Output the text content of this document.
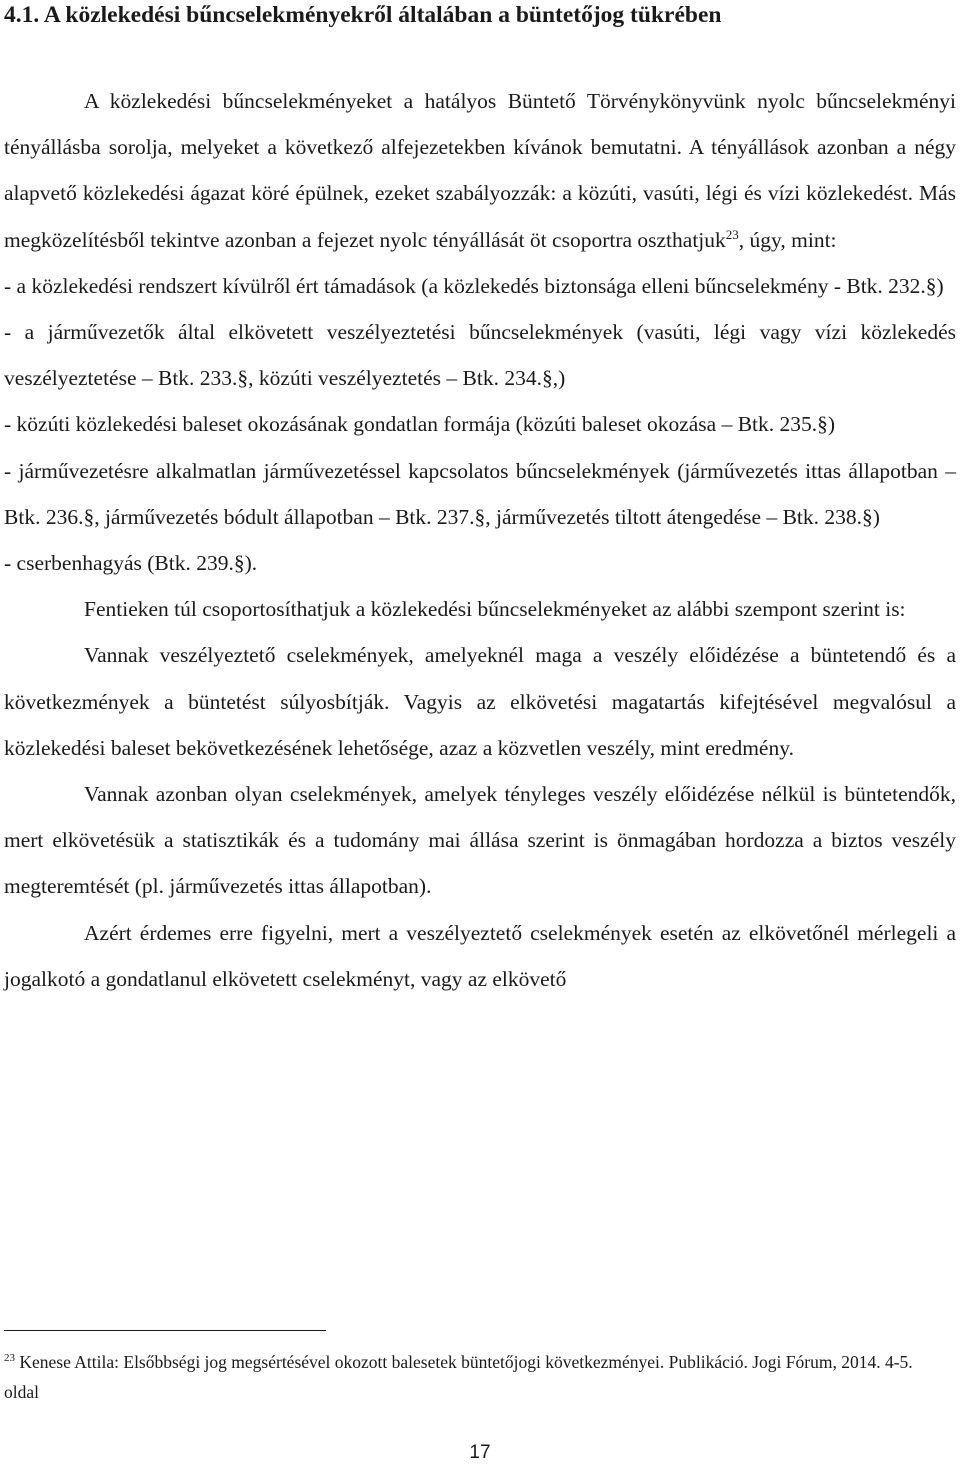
4.1. A közlekedési bűncselekményekről általában a büntetőjog tükrében

A közlekedési bűncselekményeket a hatályos Büntető Törvénykönyvünk nyolc bűncselekményi tényállásba sorolja, melyeket a következő alfejezetekben kívánok bemutatni. A tényállások azonban a négy alapvető közlekedési ágazat köré épülnek, ezeket szabályozzák: a közúti, vasúti, légi és vízi közlekedést. Más megközelítésből tekintve azonban a fejezet nyolc tényállását öt csoportra oszthatjuk$^{23}$, úgy, mint:

- a közlekedési rendszert kívülről ért támadások (a közlekedés biztonsága elleni bűncselekmény - Btk. 232.§)

- a járművezetők által elkövetett veszélyeztetési bűncselekmények (vasúti, légi vagy vízi közlekedés veszélyeztetése – Btk. 233.§, közúti veszélyeztetés – Btk. 234.§,)

- közúti közlekedési baleset okozásának gondatlan formája (közúti baleset okozása – Btk. 235.§)

- járművezetésre alkalmatlan járművezetéssel kapcsolatos bűncselekmények (járművezetés ittas állapotban – Btk. 236.§, járművezetés bódult állapotban – Btk. 237.§, járművezetés tiltott átengedése – Btk. 238.§)

- cserbenhagyás (Btk. 239.§).

Fentieken túl csoportosíthatjuk a közlekedési bűncselekményeket az alábbi szempont szerint is:

Vannak veszélyeztető cselekmények, amelyeknél maga a veszély előidézése a büntetendő és a következmények a büntetést súlyosbítják. Vagyis az elkövetési magatartás kifejtésével megvalósul a közlekedési baleset bekövetkezésének lehetősége, azaz a közvetlen veszély, mint eredmény.

Vannak azonban olyan cselekmények, amelyek tényleges veszély előidézése nélkül is büntetendők, mert elkövetésük a statisztikák és a tudomány mai állása szerint is önmagában hordozza a biztos veszély megteremtését (pl. járművezetés ittas állapotban).

Azért érdemes erre figyelni, mert a veszélyeztető cselekmények esetén az elkövetőnél mérlegeli a jogalkotó a gondatlanul elkövetett cselekményt, vagy az elkövető

$^{23}$ Kenese Attila: Elsőbbségi jog megsértésével okozott balesetek büntetőjogi következményei. Publikáció. Jogi Fórum, 2014. 4-5. oldal

17
